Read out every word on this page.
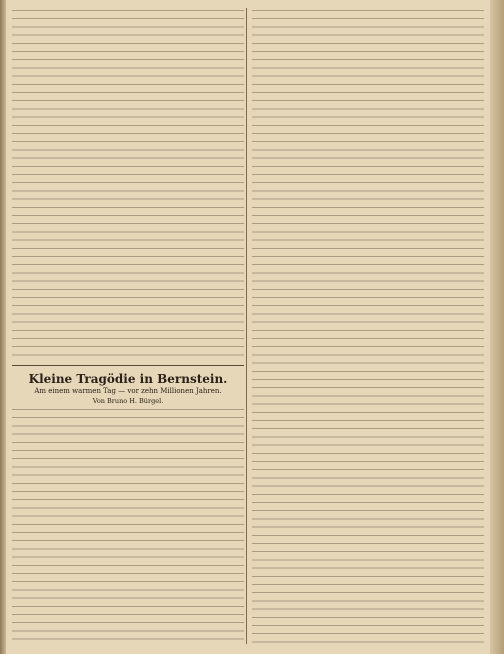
Kleine Tragödie in Bernstein.

Am einem warmen Tag — vor zehn Millionen Jahren.

Von Bruno H. Bürgel.
